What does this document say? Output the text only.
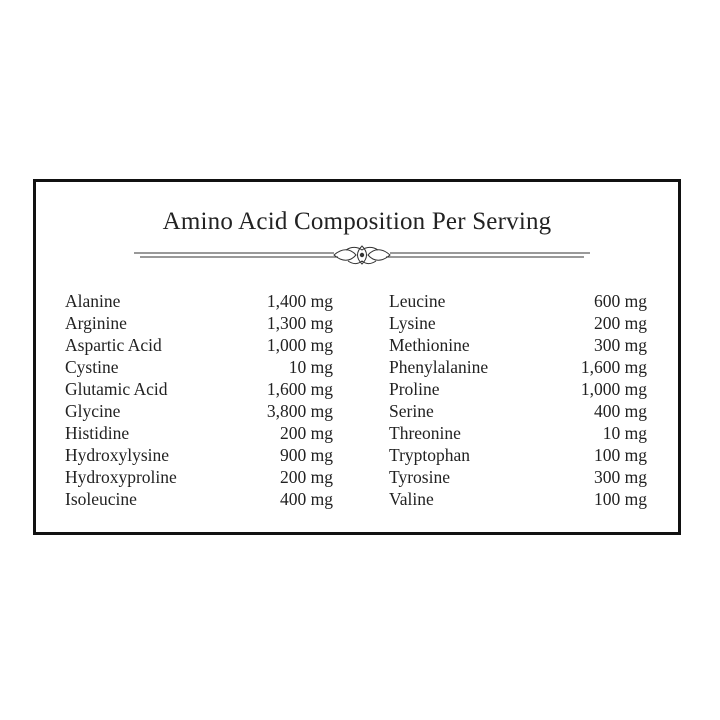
Amino Acid Composition Per Serving
Alanine	1,400 mg
Arginine	1,300 mg
Aspartic Acid	1,000 mg
Cystine	10 mg
Glutamic Acid	1,600 mg
Glycine	3,800 mg
Histidine	200 mg
Hydroxylysine	900 mg
Hydroxyproline	200 mg
Isoleucine	400 mg
Leucine	600 mg
Lysine	200 mg
Methionine	300 mg
Phenylalanine	1,600 mg
Proline	1,000 mg
Serine	400 mg
Threonine	10 mg
Tryptophan	100 mg
Tyrosine	300 mg
Valine	100 mg
